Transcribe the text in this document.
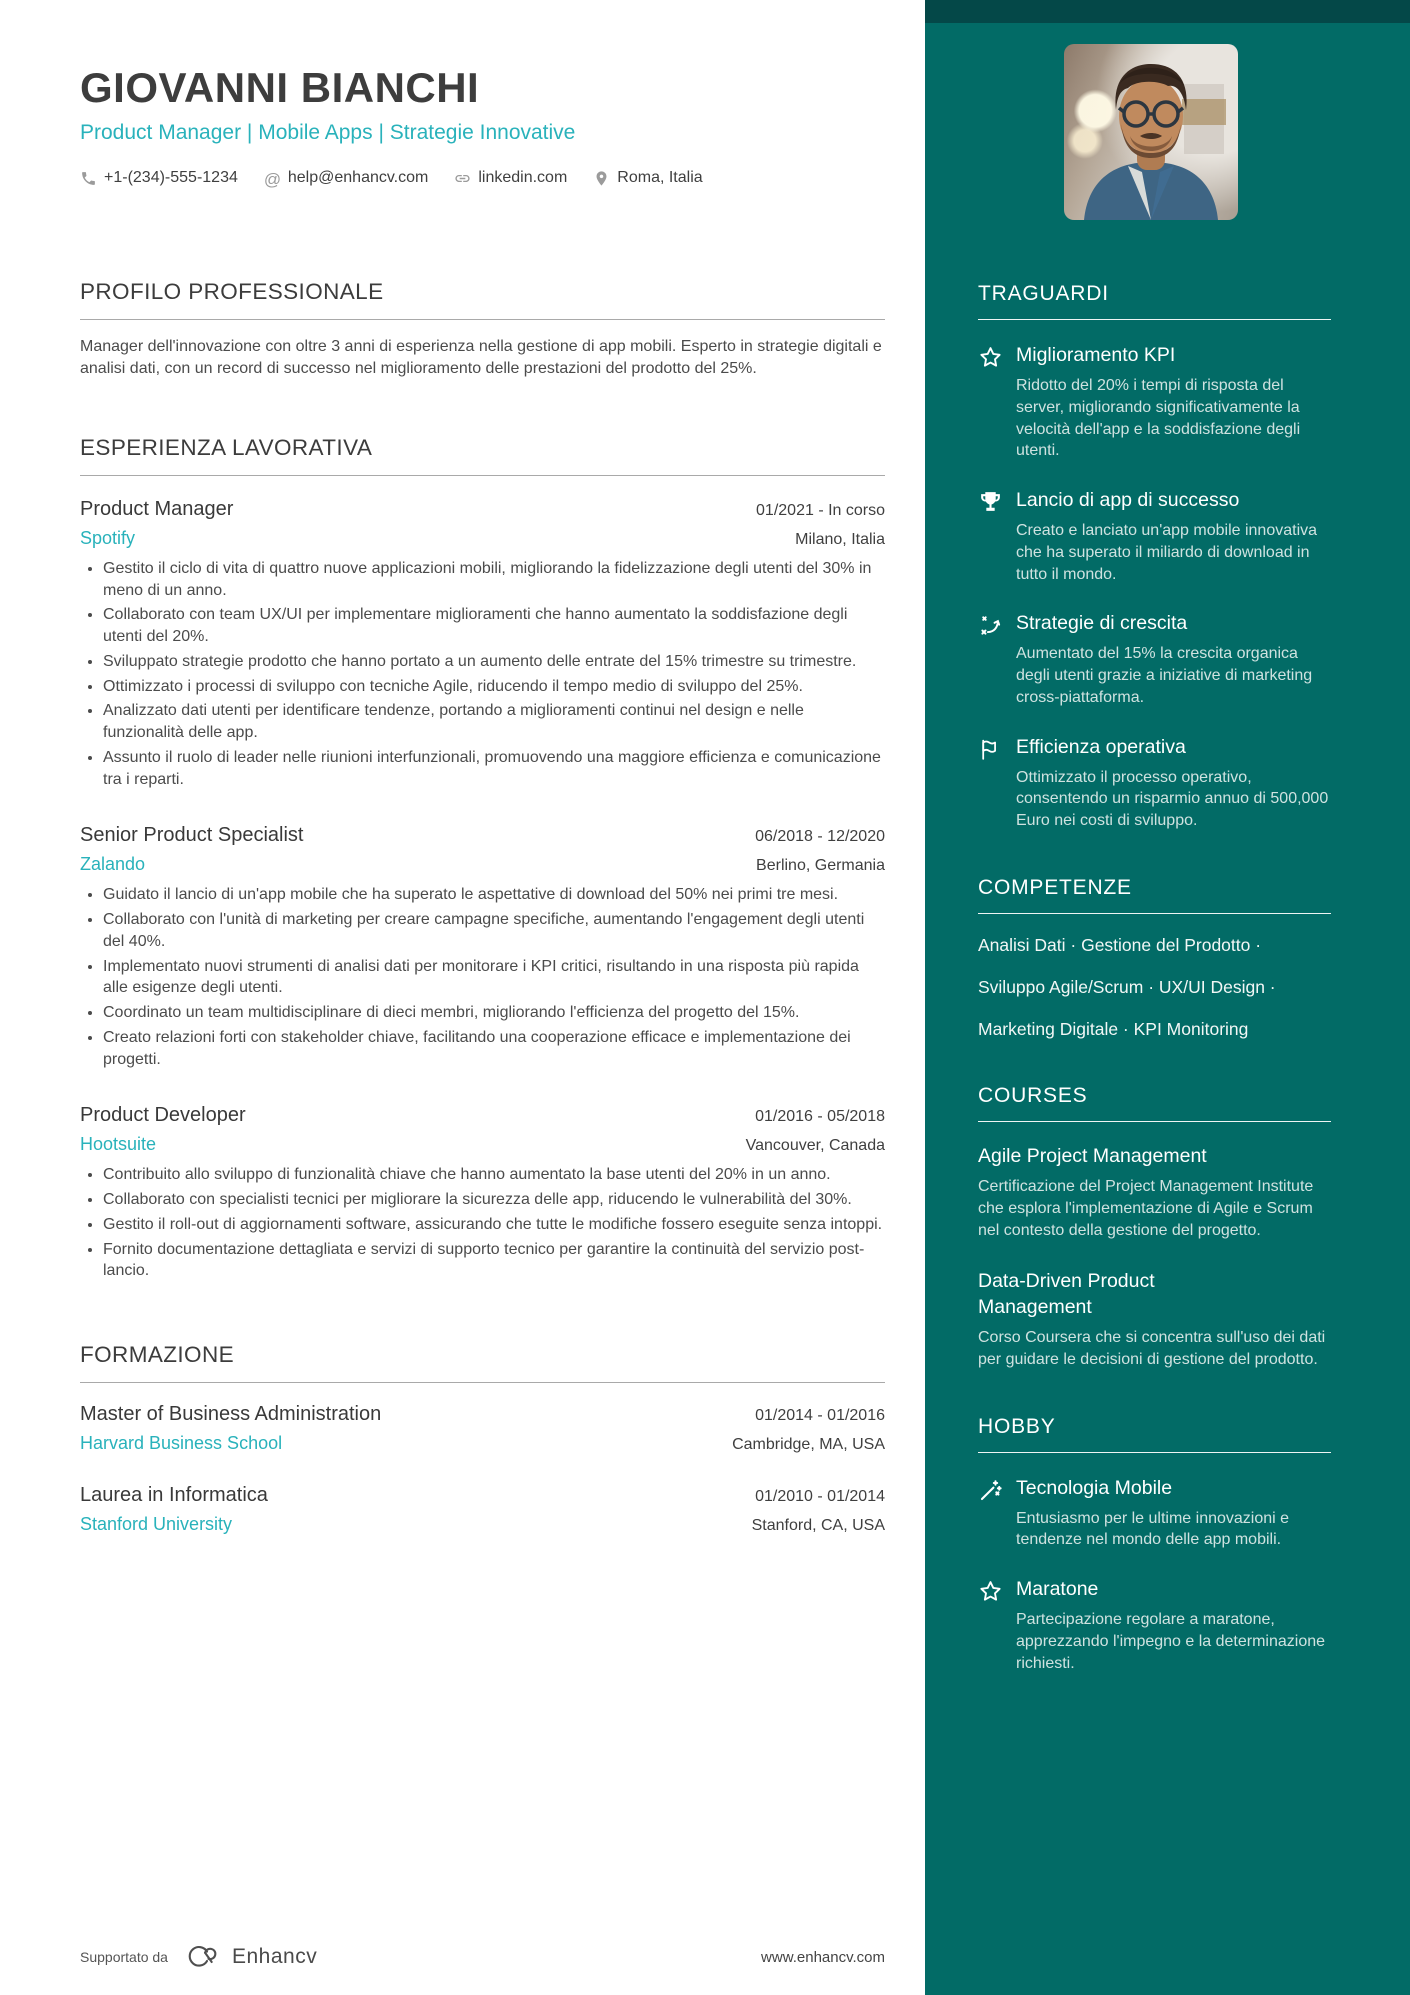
GIOVANNI BIANCHI
Product Manager | Mobile Apps | Strategie Innovative
+1-(234)-555-1234 @ help@enhancv.com	linkedin.com	Roma, Italia
PROFILO PROFESSIONALE
Manager dell'innovazione con oltre 3 anni di esperienza nella gestione di app mobili. Esperto in strategie digitali e analisi dati, con un record di successo nel miglioramento delle prestazioni del prodotto del 25%.
ESPERIENZA LAVORATIVA
Product Manager	01/2021 - In corso
Spotify	Milano, Italia
• Gestito il ciclo di vita di quattro nuove applicazioni mobili, migliorando la fidelizzazione degli utenti del 30% in meno di un anno.
• Collaborato con team UX/UI per implementare miglioramenti che hanno aumentato la soddisfazione degli utenti del 20%.
• Sviluppato strategie prodotto che hanno portato a un aumento delle entrate del 15% trimestre su trimestre.
• Ottimizzato i processi di sviluppo con tecniche Agile, riducendo il tempo medio di sviluppo del 25%.
• Analizzato dati utenti per identificare tendenze, portando a miglioramenti continui nel design e nelle funzionalità delle app.
• Assunto il ruolo di leader nelle riunioni interfunzionali, promuovendo una maggiore efficienza e comunicazione tra i reparti.
Senior Product Specialist	06/2018 - 12/2020
Zalando	Berlino, Germania
• Guidato il lancio di un'app mobile che ha superato le aspettative di download del 50% nei primi tre mesi.
• Collaborato con l'unità di marketing per creare campagne specifiche, aumentando l'engagement degli utenti del 40%.
• Implementato nuovi strumenti di analisi dati per monitorare i KPI critici, risultando in una risposta più rapida alle esigenze degli utenti.
• Coordinato un team multidisciplinare di dieci membri, migliorando l'efficienza del progetto del 15%.
• Creato relazioni forti con stakeholder chiave, facilitando una cooperazione efficace e implementazione dei progetti.
Product Developer	01/2016 - 05/2018
Hootsuite	Vancouver, Canada
• Contribuito allo sviluppo di funzionalità chiave che hanno aumentato la base utenti del 20% in un anno.
• Collaborato con specialisti tecnici per migliorare la sicurezza delle app, riducendo le vulnerabilità del 30%.
• Gestito il roll-out di aggiornamenti software, assicurando che tutte le modifiche fossero eseguite senza intoppi.
• Fornito documentazione dettagliata e servizi di supporto tecnico per garantire la continuità del servizio post-lancio.
FORMAZIONE
Master of Business Administration	01/2014 - 01/2016
Harvard Business School	Cambridge, MA, USA
Laurea in Informatica	01/2010 - 01/2014
Stanford University	Stanford, CA, USA
Supportato da	Enhancv	www.enhancv.com
TRAGUARDI
Miglioramento KPI
Ridotto del 20% i tempi di risposta del server, migliorando significativamente la velocità dell'app e la soddisfazione degli utenti.
Lancio di app di successo
Creato e lanciato un'app mobile innovativa che ha superato il miliardo di download in tutto il mondo.
Strategie di crescita
Aumentato del 15% la crescita organica degli utenti grazie a iniziative di marketing cross-piattaforma.
Efficienza operativa
Ottimizzato il processo operativo, consentendo un risparmio annuo di 500,000 Euro nei costi di sviluppo.
COMPETENZE
Analisi Dati · Gestione del Prodotto ·
Sviluppo Agile/Scrum · UX/UI Design ·
Marketing Digitale · KPI Monitoring
COURSES
Agile Project Management
Certificazione del Project Management Institute che esplora l'implementazione di Agile e Scrum nel contesto della gestione del progetto.
Data-Driven Product Management
Corso Coursera che si concentra sull'uso dei dati per guidare le decisioni di gestione del prodotto.
HOBBY
Tecnologia Mobile
Entusiasmo per le ultime innovazioni e tendenze nel mondo delle app mobili.
Maratone
Partecipazione regolare a maratone, apprezzando l'impegno e la determinazione richiesti.
